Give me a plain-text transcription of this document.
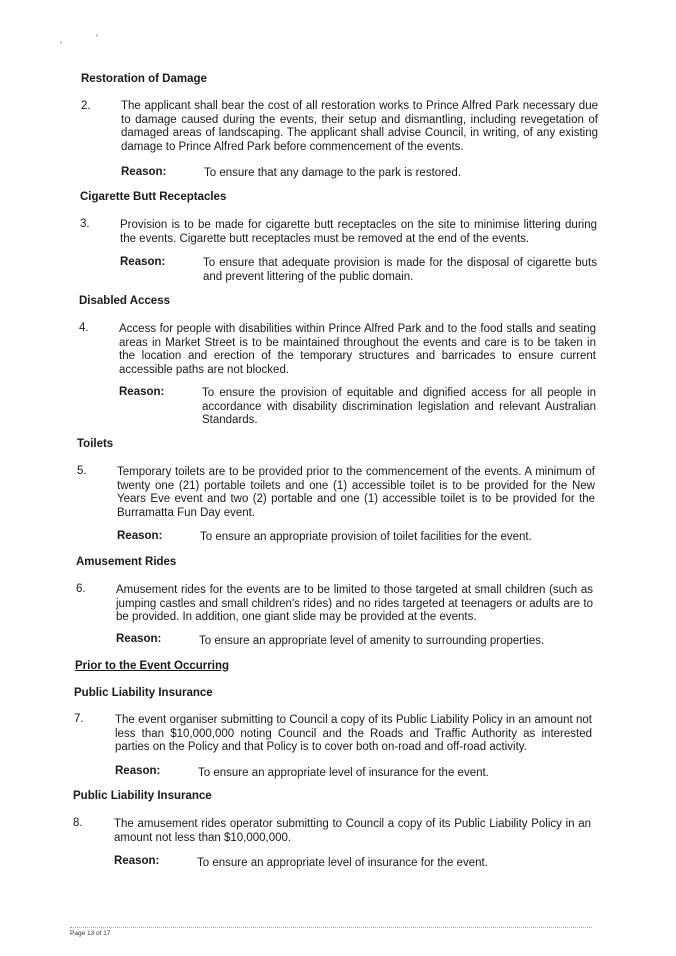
'
'
Restoration of Damage
2.	The applicant shall bear the cost of all restoration works to Prince Alfred Park necessary due to damage caused during the events, their setup and dismantling, including revegetation of damaged areas of landscaping. The applicant shall advise Council, in writing, of any existing damage to Prince Alfred Park before commencement of the events.
Reason:	To ensure that any damage to the park is restored.
Cigarette Butt Receptacles
3.	Provision is to be made for cigarette butt receptacles on the site to minimise littering during the events. Cigarette butt receptacles must be removed at the end of the events.
Reason:	To ensure that adequate provision is made for the disposal of cigarette buts and prevent littering of the public domain.
Disabled Access
4.	Access for people with disabilities within Prince Alfred Park and to the food stalls and seating areas in Market Street is to be maintained throughout the events and care is to be taken in the location and erection of the temporary structures and barricades to ensure current accessible paths are not blocked.
Reason:	To ensure the provision of equitable and dignified access for all people in accordance with disability discrimination legislation and relevant Australian Standards.
Toilets
5.	Temporary toilets are to be provided prior to the commencement of the events. A minimum of twenty one (21) portable toilets and one (1) accessible toilet is to be provided for the New Years Eve event and two (2) portable and one (1) accessible toilet is to be provided for the Burramatta Fun Day event.
Reason:	To ensure an appropriate provision of toilet facilities for the event.
Amusement Rides
6.	Amusement rides for the events are to be limited to those targeted at small children (such as jumping castles and small children's rides) and no rides targeted at teenagers or adults are to be provided. In addition, one giant slide may be provided at the events.
Reason:	To ensure an appropriate level of amenity to surrounding properties.
Prior to the Event Occurring
Public Liability Insurance
7.	The event organiser submitting to Council a copy of its Public Liability Policy in an amount not less than $10,000,000 noting Council and the Roads and Traffic Authority as interested parties on the Policy and that Policy is to cover both on-road and off-road activity.
Reason:	To ensure an appropriate level of insurance for the event.
Public Liability Insurance
8.	The amusement rides operator submitting to Council a copy of its Public Liability Policy in an amount not less than $10,000,000.
Reason:	To ensure an appropriate level of insurance for the event.
Page 13 of 17
